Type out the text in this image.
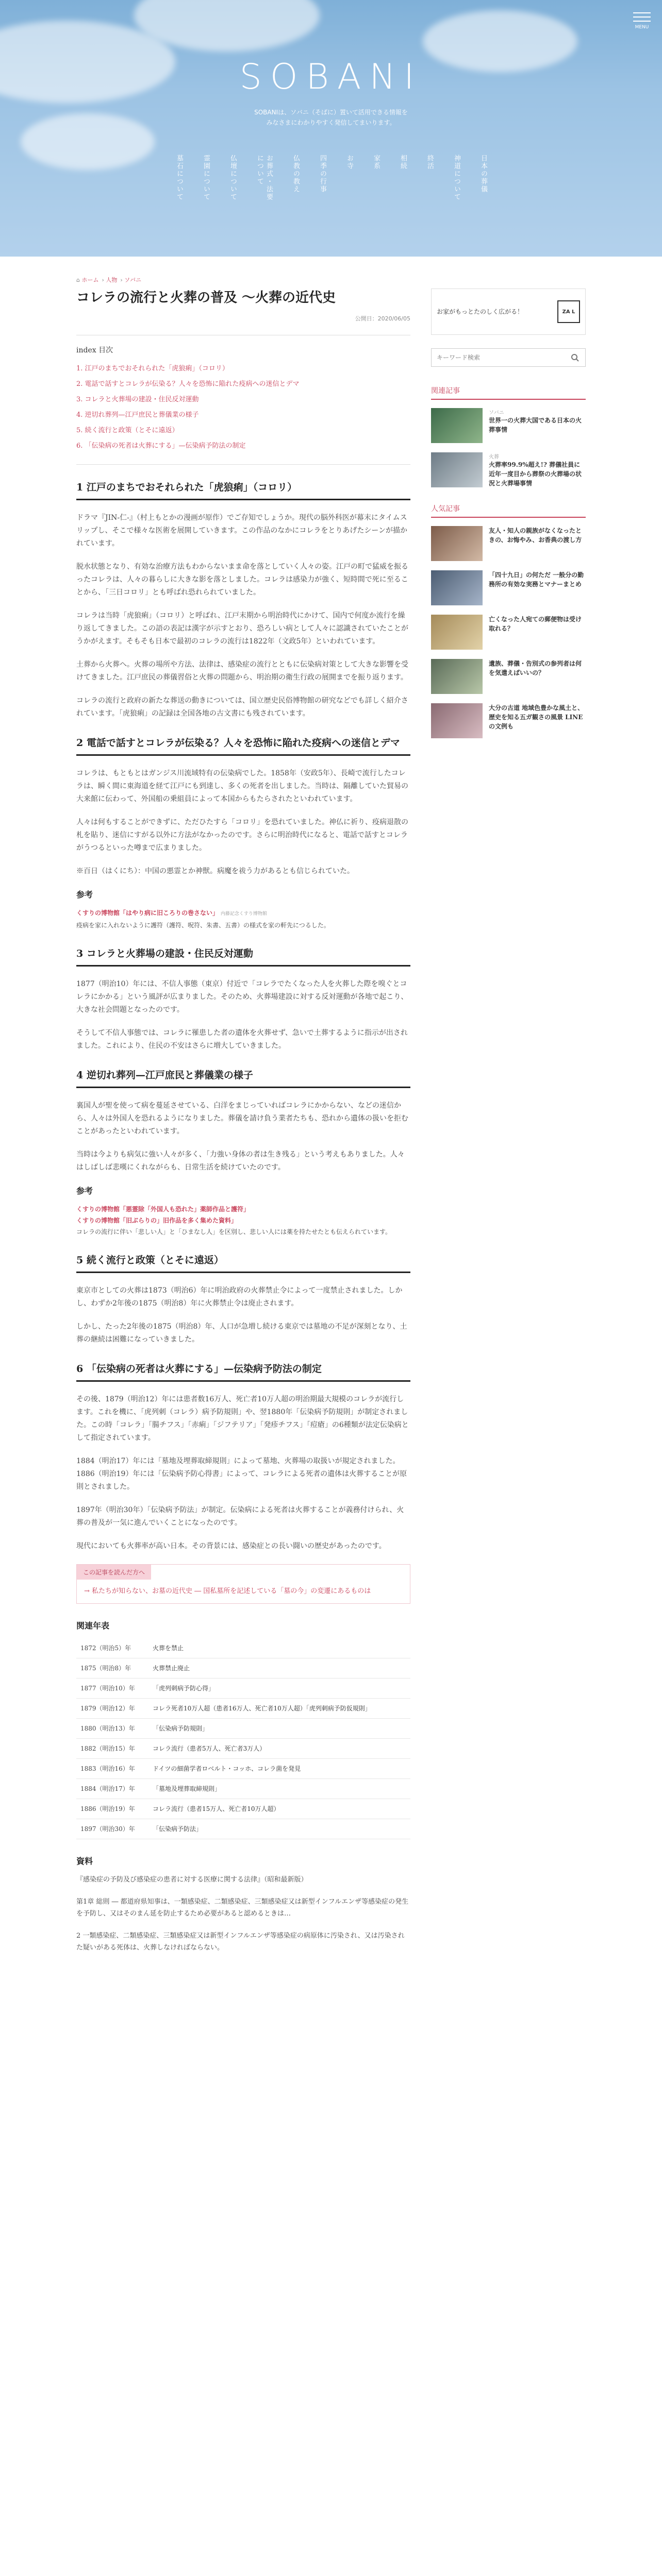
SOBANI
SOBANIは、ソバニ（そばに）置いて活用できる情報を
みなさまにわかりやすく発信してまいります。
墓石について	霊園について	仏壇について	お葬式・法要について	仏教の教え	四季の行事	お寺	家系	相続	終活	神道について	日本の葬儀
MENU
⌂ ホーム › 人物 › ソバニ
コレラの流行と火葬の普及 ～火葬の近代史
公開日：2020/06/05
index 目次
1. 江戸のまちでおそれられた「虎狼痢」（コロリ）
2. 電話で話すとコレラが伝染る？人々を恐怖に陥れた疫病への迷信とデマ
3. コレラと火葬場の建設・住民反対運動
4. 逆切れ葬列—江戸庶民と葬儀業の様子
5. 続く流行と政策（とそに遠返）
6. 「伝染病の死者は火葬にする」—伝染病予防法の制定
1 江戸のまちでおそれられた「虎狼痢」（コロリ）

ドラマ『JIN-仁-』（村上もとかの漫画が原作）でご存知でしょうか。現代の脳外科医が幕末にタイムスリップし、そこで様々な医術を展開していきます。この作品のなかにコレラをとりあげたシーンが描かれています。

脱水状態となり、有効な治療方法もわからないまま命を落としていく人々の姿。江戸の町で猛威を振るったコレラは、人々の暮らしに大きな影を落としました。コレラは感染力が強く、短時間で死に至ることから、「三日コロリ」とも呼ばれ恐れられていました。

コレラは当時「虎狼痢」（コロリ）と呼ばれ、江戸末期から明治時代にかけて、国内で何度か流行を繰り返してきました。この語の表記は漢字が示すとおり、恐ろしい病として人々に認識されていたことがうかがえます。そもそも日本で最初のコレラの流行は1822年（文政5年）といわれています。

土葬から火葬へ。火葬の場所や方法、法律は、感染症の流行とともに伝染病対策として大きな影響を受けてきました。江戸庶民の葬儀習俗と火葬の問題から、明治期の衛生行政の展開までを振り返ります。

コレラの流行と政府の新たな葬送の動きについては、国立歴史民俗博物館の研究などでも詳しく紹介されています。「虎狼痢」の記録は全国各地の古文書にも残されています。

2 電話で話すとコレラが伝染る？人々を恐怖に陥れた疫病への迷信とデマ

コレラは、もともとはガンジス川流域特有の伝染病でした。1858年（安政5年）、長崎で流行したコレラは、瞬く間に東海道を経て江戸にも到達し、多くの死者を出しました。当時は、隔離していた貿易の大来館に伝わって、外国船の乗組員によって本国からもたらされたといわれています。

人々は何もすることができずに、ただひたすら「コロリ」を恐れていました。神仏に祈り、疫病退散の札を貼り、迷信にすがる以外に方法がなかったのです。さらに明治時代になると、電話で話すとコレラがうつるといった噂まで広まりました。

※百日（はくにち）：中国の悪霊とか神獣。病魔を祓う力があるとも信じられていた。

参考
くすりの博物館「はやり病に旧ころりの巻さない」 内藤記念くすり博物館
疫病を家に入れないように護符（護符、呪符、朱書、五書）の様式を家の軒先につるした。
3 コレラと火葬場の建設・住民反対運動

1877（明治10）年には、不信人事態（東京）付近で「コレラでたくなった人を火葬した際を嗅ぐとコレラにかかる」という風評が広まりました。そのため、火葬場建設に対する反対運動が各地で起こり、大きな社会問題となったのです。

そうして不信人事態では、コレラに罹患した者の遺体を火葬せず、急いで土葬するように指示が出されました。これにより、住民の不安はさらに増大していきました。

4 逆切れ葬列—江戸庶民と葬儀業の様子

裏国人が聖を使って病を蔓延させている、白洋をまじっていればコレラにかからない、などの迷信から、人々は外国人を恐れるようになりました。葬儀を請け負う業者たちも、恐れから遺体の扱いを拒むことがあったといわれています。

当時は今よりも病気に強い人々が多く、「力強い身体の者は生き残る」という考えもありました。人々はしばしば悲嘆にくれながらも、日常生活を続けていたのです。

参考
くすりの博物館「悪霊除「外国人も恐れた」薬師作品と護符」
くすりの博物館「旧ぶらりの」旧作品を多く集めた資料」
コレラの流行に伴い「悲しい人」と「ひまなし人」を区別し、悲しい人には薬を持たせたとも伝えられています。
5 続く流行と政策（とそに遠返）

東京市としての火葬は1873（明治6）年に明治政府の火葬禁止令によって一度禁止されました。しかし、わずか2年後の1875（明治8）年に火葬禁止令は廃止されます。

しかし、たった2年後の1875（明治8）年、人口が急増し続ける東京では墓地の不足が深刻となり、土葬の継続は困難になっていきました。

6 「伝染病の死者は火葬にする」—伝染病予防法の制定

その後、1879（明治12）年には患者数16万人、死亡者10万人超の明治期最大規模のコレラが流行します。これを機に、「虎列刺（コレラ）病予防規則」や、翌1880年「伝染病予防規則」が制定されました。この時「コレラ」「腸チフス」「赤痢」「ジフテリア」「発疹チフス」「痘瘡」の6種類が法定伝染病として指定されています。

1884（明治17）年には「墓地及埋葬取締規則」によって墓地、火葬場の取扱いが規定されました。1886（明治19）年には「伝染病予防心得書」によって、コレラによる死者の遺体は火葬することが原則とされました。

1897年（明治30年）「伝染病予防法」が制定。伝染病による死者は火葬することが義務付けられ、火葬の普及が一気に進んでいくことになったのです。

現代においても火葬率が高い日本。その背景には、感染症との長い闘いの歴史があったのです。

この記事を読んだ方へ
→ 私たちが知らない、お墓の近代史 ― 国私墓所を記述している「墓の今」の変遷にあるものは
関連年表
1872（明治5）年	火葬を禁止
1875（明治8）年	火葬禁止廃止
1877（明治10）年	「虎列刺病予防心得」
1879（明治12）年	コレラ死者10万人超（患者16万人、死亡者10万人超）「虎列刺病予防仮規則」
1880（明治13）年	「伝染病予防規則」
1882（明治15）年	コレラ流行（患者5万人、死亡者3万人）
1883（明治16）年	ドイツの細菌学者ロベルト・コッホ、コレラ菌を発見
1884（明治17）年	「墓地及埋葬取締規則」
1886（明治19）年	コレラ流行（患者15万人、死亡者10万人超）
1897（明治30）年	「伝染病予防法」
資料

『感染症の予防及び感染症の患者に対する医療に関する法律』（昭和最新版）

第1章 総則 ― 都道府県知事は、一類感染症、二類感染症、三類感染症又は新型インフルエンザ等感染症の発生を予防し、又はそのまん延を防止するため必要があると認めるときは…

2 一類感染症、二類感染症、三類感染症又は新型インフルエンザ等感染症の病原体に汚染され、又は汚染された疑いがある死体は、火葬しなければならない。

お家がもっとたのしく広がる！	ZA L
キーワード検索
関連記事
ソバニ
世界一の火葬大国である日本の火葬事情
火葬
火葬率99.9%超え!? 葬儀社員に近年一度目から葬祭の火葬場の状況と火葬場事情
人気記事
友人・知人の親族がなくなったときの、お悔やみ、お香典の渡し方
「四十九日」の何ただ 一般分の勤務所の有効な実務とマナーまとめ
亡くなった人宛ての郵便物は受け取れる？
遺族、葬儀・告別式の参列者は何を気遣えばいいの？
大分の古道 地域色豊かな風土と、歴史を知る五ガ観さの風景 LINEの文例も
